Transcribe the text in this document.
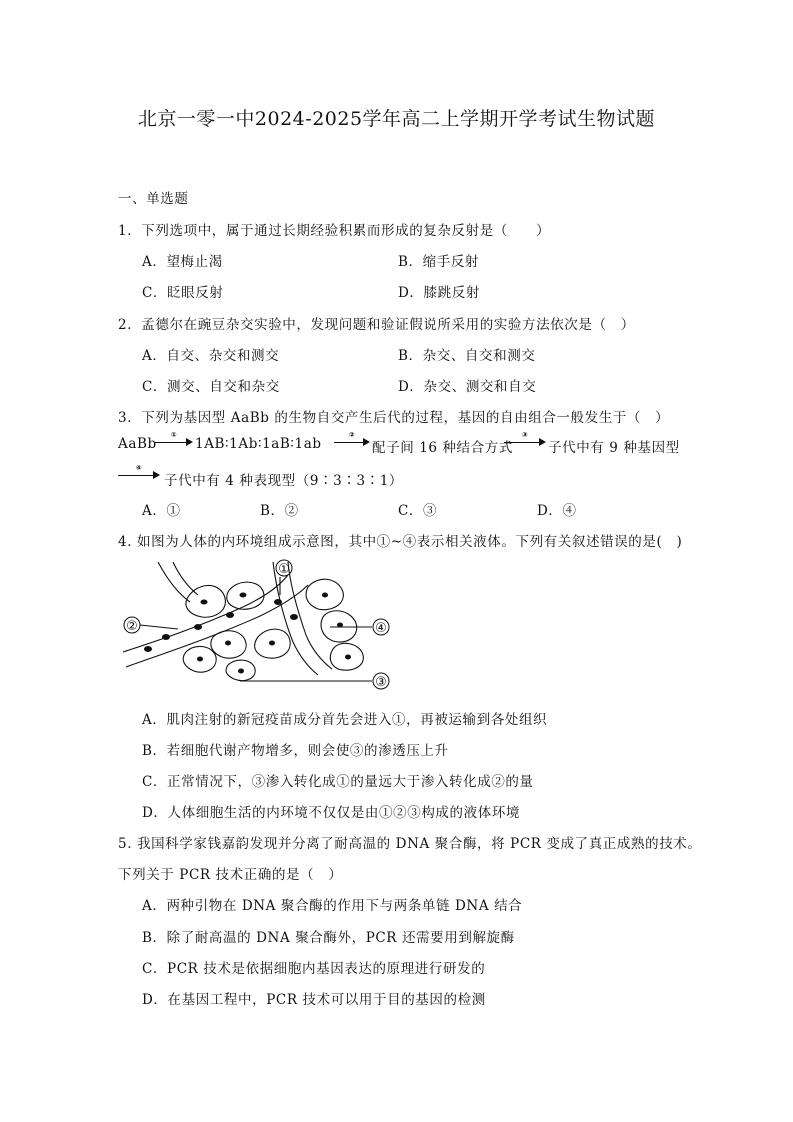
北京一零一中2024-2025学年高二上学期开学考试生物试题
一、单选题
1．下列选项中，属于通过长期经验积累而形成的复杂反射是（　　）
A．望梅止渴	B．缩手反射
C．眨眼反射	D．膝跳反射
2．孟德尔在豌豆杂交实验中，发现问题和验证假说所采用的实验方法依次是（　）
A．自交、杂交和测交	B．杂交、自交和测交
C．测交、自交和杂交	D．杂交、测交和自交
3．下列为基因型 AaBb 的生物自交产生后代的过程，基因的自由组合一般发生于（　）
AaBb
①
1AB∶1Ab∶1aB∶1ab
②
配子间 16 种结合方式
③
子代中有 9 种基因型
④
子代中有 4 种表现型（9∶3∶3∶1）
A．①	B．②	C．③	D．④
4. 如图为人体的内环境组成示意图，其中①~④表示相关液体。下列有关叙述错误的是(　)
①
②
③
④
A．肌肉注射的新冠疫苗成分首先会进入①，再被运输到各处组织
B．若细胞代谢产物增多，则会使③的渗透压上升
C．正常情况下，③渗入转化成①的量远大于渗入转化成②的量
D．人体细胞生活的内环境不仅仅是由①②③构成的液体环境
5. 我国科学家钱嘉韵发现并分离了耐高温的 DNA 聚合酶，将 PCR 变成了真正成熟的技术。
下列关于 PCR 技术正确的是（　）
A．两种引物在 DNA 聚合酶的作用下与两条单链 DNA 结合
B．除了耐高温的 DNA 聚合酶外，PCR 还需要用到解旋酶
C．PCR 技术是依据细胞内基因表达的原理进行研发的
D．在基因工程中，PCR 技术可以用于目的基因的检测
